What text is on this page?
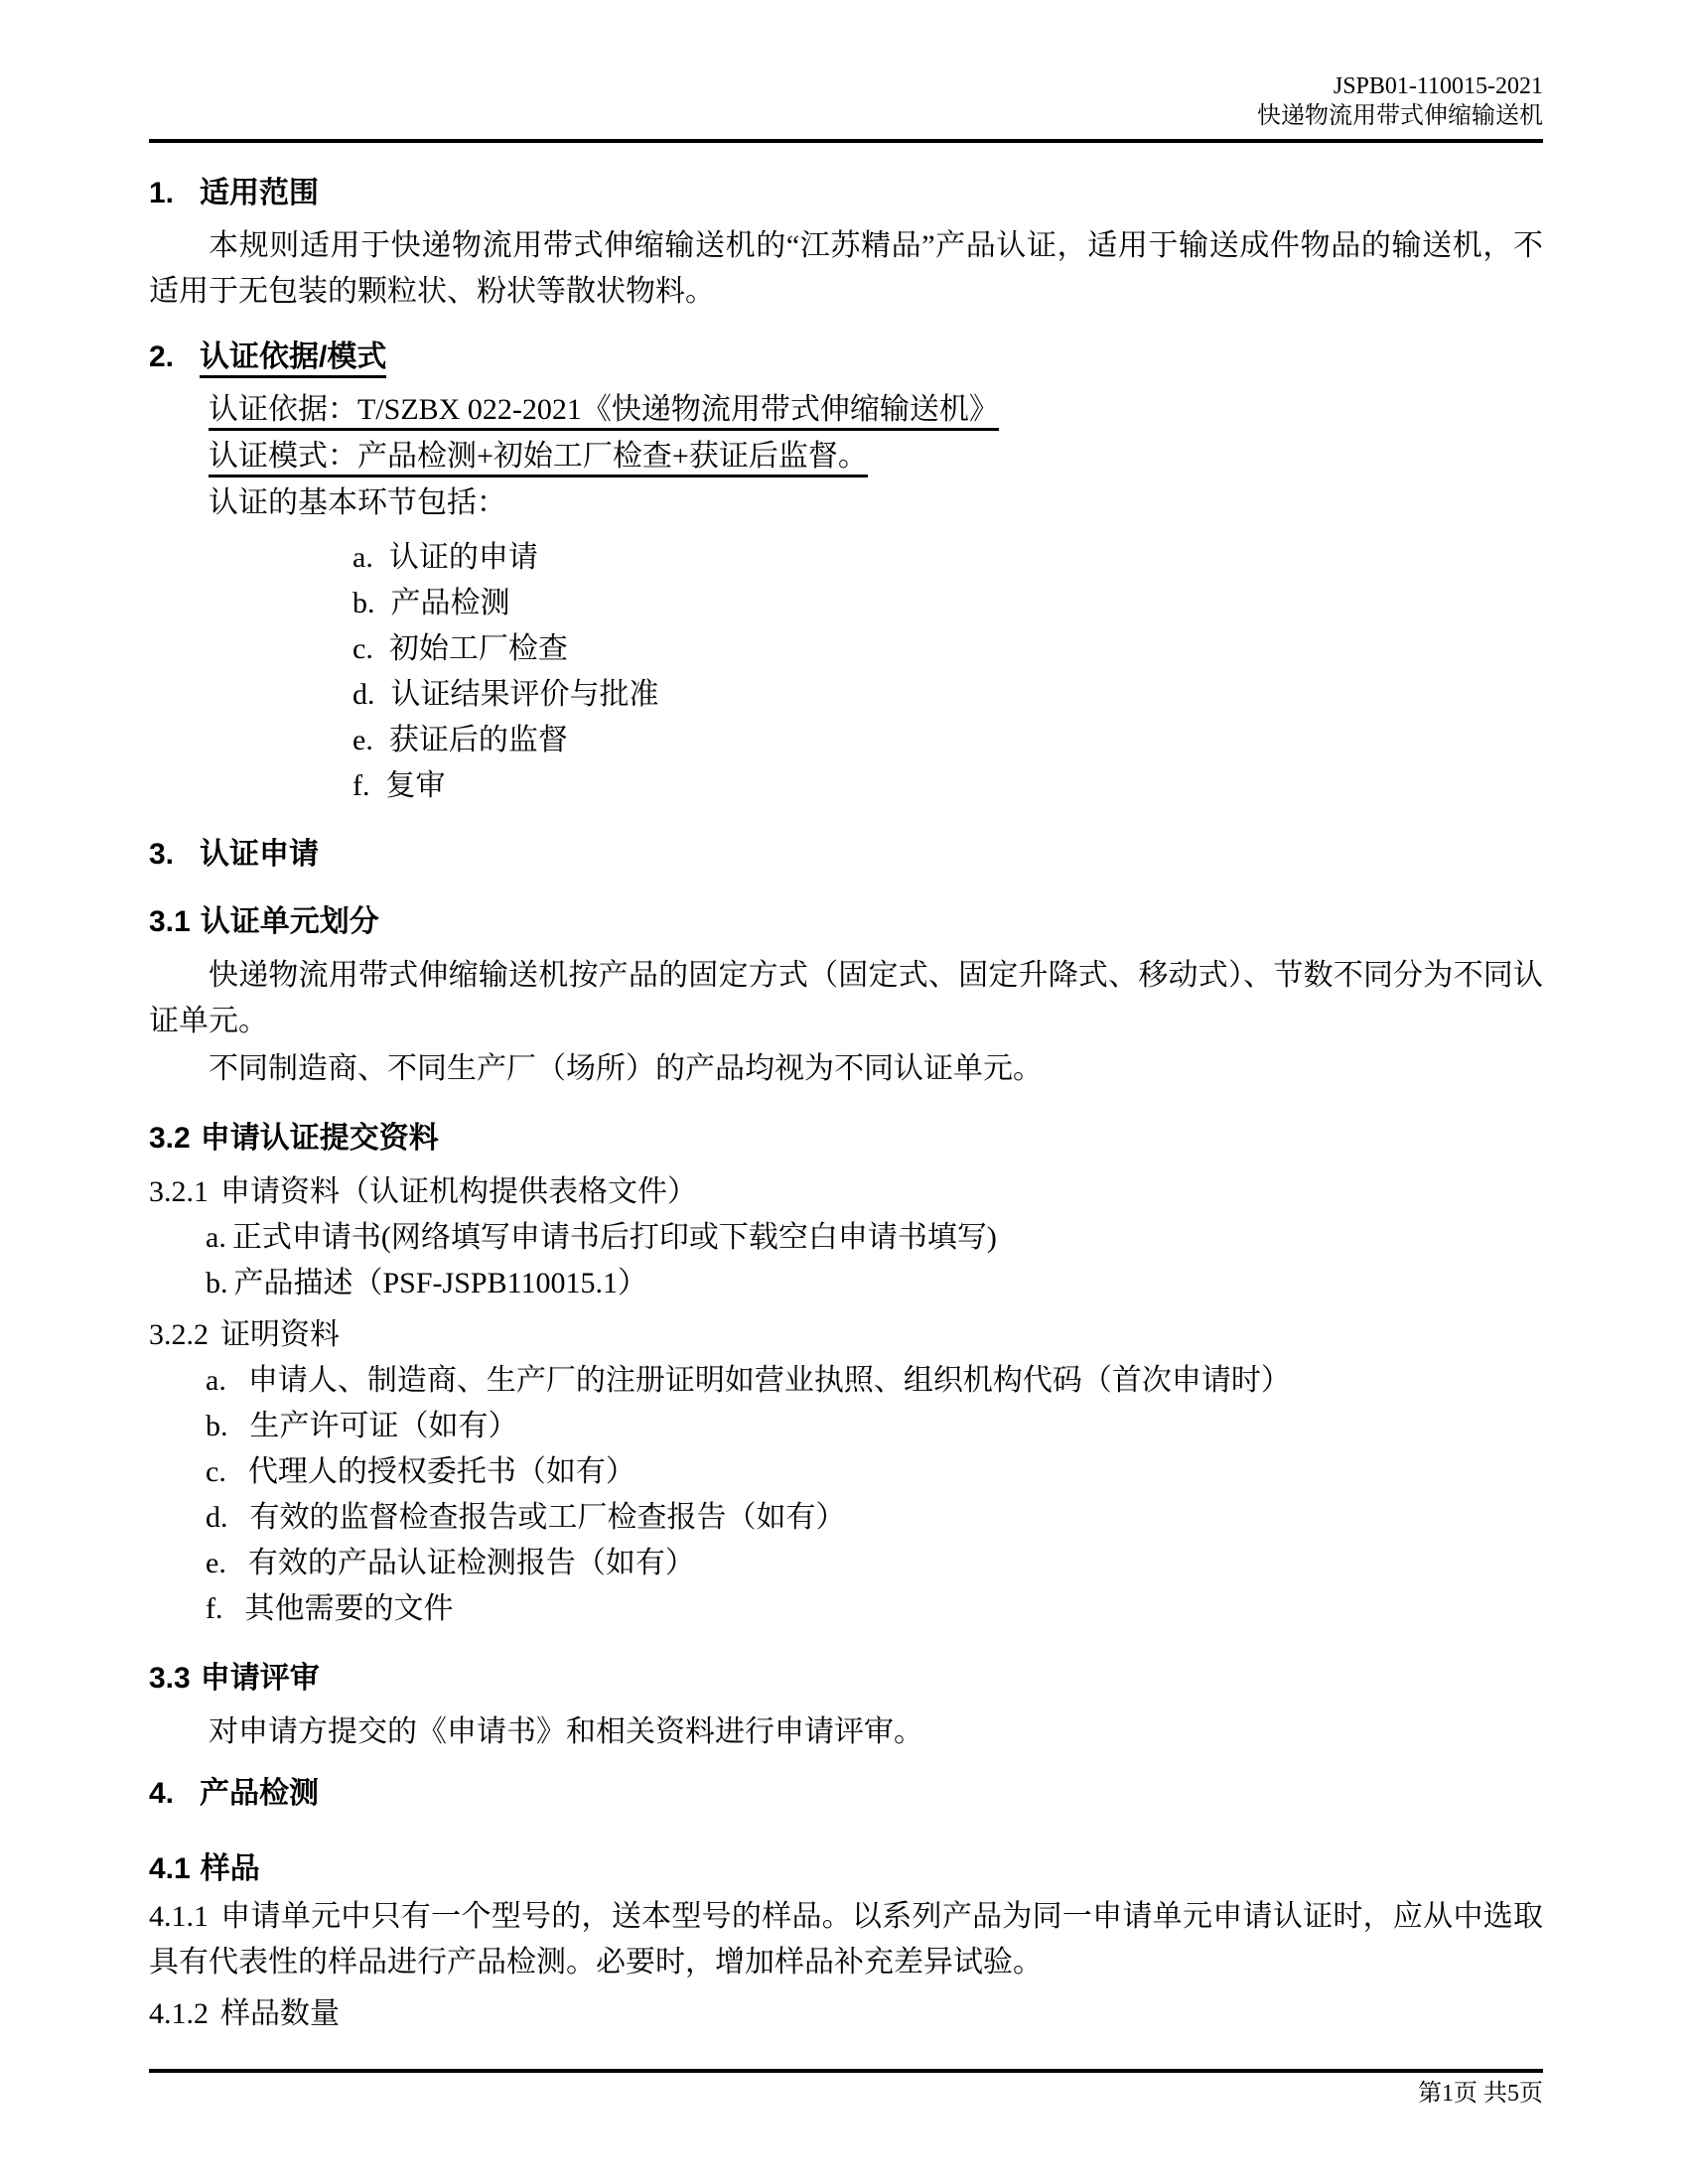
JSPB01-110015-2021
快递物流用带式伸缩输送机
1. 适用范围

本规则适用于快递物流用带式伸缩输送机的“江苏精品”产品认证，适用于输送成件物品的输送机，不适用于无包装的颗粒状、粉状等散状物料。

2. 认证依据/模式
认证依据：T/SZBX 022-2021《快递物流用带式伸缩输送机》
认证模式：产品检测+初始工厂检查+获证后监督。
认证的基本环节包括：
a. 认证的申请
b. 产品检测
c. 初始工厂检查
d. 认证结果评价与批准
e. 获证后的监督
f. 复审
3. 认证申请
3.1 认证单元划分

快递物流用带式伸缩输送机按产品的固定方式（固定式、固定升降式、移动式）、节数不同分为不同认证单元。

不同制造商、不同生产厂（场所）的产品均视为不同认证单元。

3.2 申请认证提交资料
3.2.1 申请资料（认证机构提供表格文件）
a. 正式申请书(网络填写申请书后打印或下载空白申请书填写)
b. 产品描述（PSF-JSPB110015.1）
3.2.2 证明资料
a. 申请人、制造商、生产厂的注册证明如营业执照、组织机构代码（首次申请时）
b. 生产许可证（如有）
c. 代理人的授权委托书（如有）
d. 有效的监督检查报告或工厂检查报告（如有）
e. 有效的产品认证检测报告（如有）
f. 其他需要的文件
3.3 申请评审

对申请方提交的《申请书》和相关资料进行申请评审。

4. 产品检测
4.1 样品

4.1.1 申请单元中只有一个型号的，送本型号的样品。以系列产品为同一申请单元申请认证时，应从中选取具有代表性的样品进行产品检测。必要时，增加样品补充差异试验。

4.1.2 样品数量
第1页 共5页
